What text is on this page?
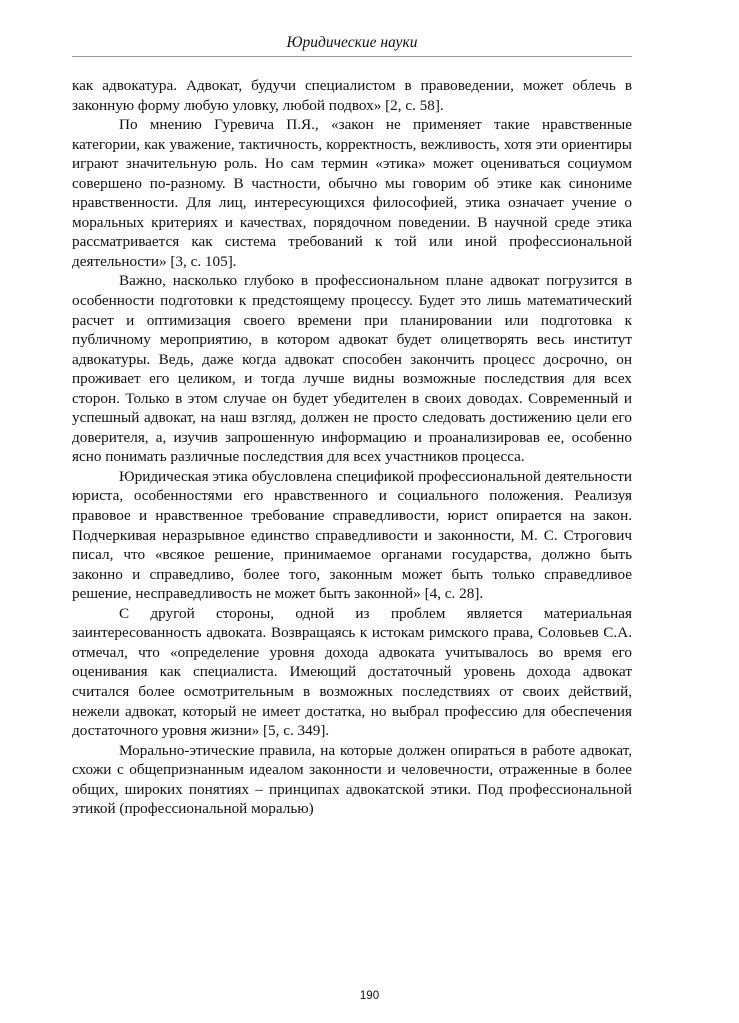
Юридические науки

как адвокатура. Адвокат, будучи специалистом в правоведении, может облечь в законную форму любую уловку, любой подвох» [2, с. 58].

По мнению Гуревича П.Я., «закон не применяет такие нравственные категории, как уважение, тактичность, корректность, вежливость, хотя эти ориентиры играют значительную роль. Но сам термин «этика» может оцениваться социумом совершено по-разному. В частности, обычно мы говорим об этике как синониме нравственности. Для лиц, интересующихся философией, этика означает учение о моральных критериях и качествах, порядочном поведении. В научной среде этика рассматривается как система требований к той или иной профессиональной деятельности» [3, с. 105].

Важно, насколько глубоко в профессиональном плане адвокат погрузится в особенности подготовки к предстоящему процессу. Будет это лишь математический расчет и оптимизация своего времени при планировании или подготовка к публичному мероприятию, в котором адвокат будет олицетворять весь институт адвокатуры. Ведь, даже когда адвокат способен закончить процесс досрочно, он проживает его целиком, и тогда лучше видны возможные последствия для всех сторон. Только в этом случае он будет убедителен в своих доводах. Современный и успешный адвокат, на наш взгляд, должен не просто следовать достижению цели его доверителя, а, изучив запрошенную информацию и проанализировав ее, особенно ясно понимать различные последствия для всех участников процесса.

Юридическая этика обусловлена спецификой профессиональной деятельности юриста, особенностями его нравственного и социального положения. Реализуя правовое и нравственное требование справедливости, юрист опирается на закон. Подчеркивая неразрывное единство справедливости и законности, М. С. Строгович писал, что «всякое решение, принимаемое органами государства, должно быть законно и справедливо, более того, законным может быть только справедливое решение, несправедливость не может быть законной» [4, с. 28].

С другой стороны, одной из проблем является материальная заинтересованность адвоката. Возвращаясь к истокам римского права, Соловьев С.А. отмечал, что «определение уровня дохода адвоката учитывалось во время его оценивания как специалиста. Имеющий достаточный уровень дохода адвокат считался более осмотрительным в возможных последствиях от своих действий, нежели адвокат, который не имеет достатка, но выбрал профессию для обеспечения достаточного уровня жизни» [5, с. 349].

Морально-этические правила, на которые должен опираться в работе адвокат, схожи с общепризнанным идеалом законности и человечности, отраженные в более общих, широких понятиях – принципах адвокатской этики. Под профессиональной этикой (профессиональной моралью)

190
